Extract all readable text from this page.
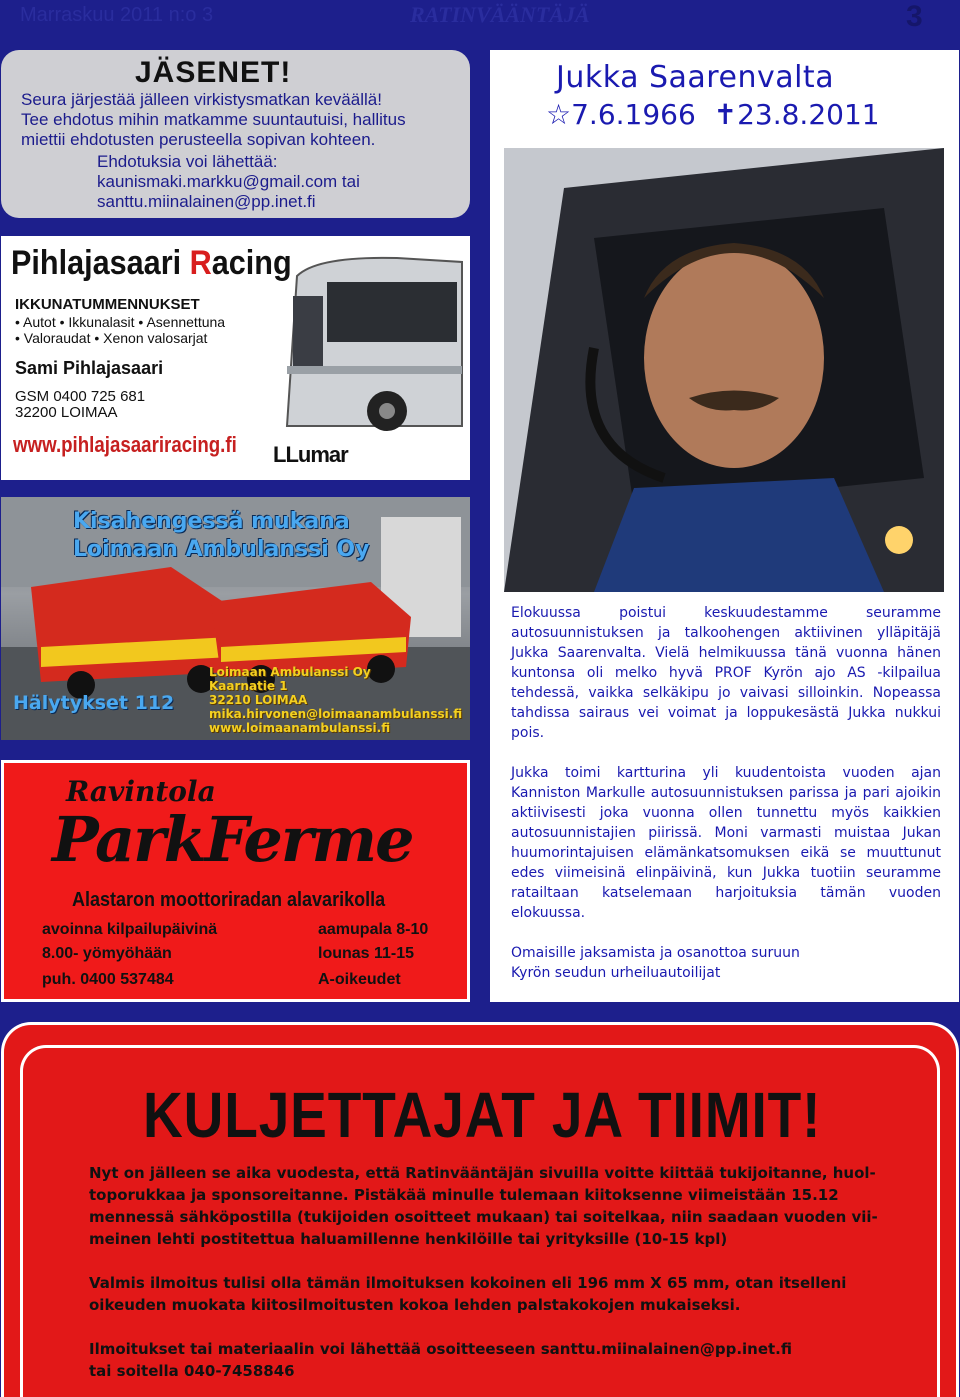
Marraskuu 2011 n:o 3	RATINVÄÄNTÄJÄ	3
JÄSENET!
Seura järjestää jälleen virkistysmatkan keväällä!
Tee ehdotus mihin matkamme suuntautuisi, hallitus
miettii ehdotusten perusteella sopivan kohteen.
Ehdotuksia voi lähettää:
kaunismaki.markku@gmail.com tai
santtu.miinalainen@pp.inet.fi
Jukka Saarenvalta
☆7.6.1966  ✝23.8.2011
Elokuussa poistui keskuudestamme seuramme autosuunnistuksen ja talkoohengen aktiivinen ylläpitäjä Jukka Saarenvalta. Vielä helmikuussa tänä vuonna hänen kuntonsa oli melko hyvä PROF Kyrön ajo AS -kilpailua tehdessä, vaikka selkäkipu jo vaivasi silloinkin. Nopeassa tahdissa sairaus vei voimat ja loppukesästä Jukka nukkui pois.
Jukka toimi kartturina yli kuudentoista vuoden ajan Kanniston Markulle autosuunnistuksen parissa ja pari ajoikin aktiivisesti joka vuonna ollen tunnettu myös kaikkien autosuunnistajien piirissä. Moni varmasti muistaa Jukan huumorintajuisen elämänkatsomuksen eikä se muuttunut edes viimeisinä elinpäivinä, kun Jukka tuotiin seuramme ratailtaan katselemaan harjoituksia tämän vuoden elokuussa.
Omaisille jaksamista ja osanottoa suruun Kyrön seudun urheiluautoilijat
Pihlajasaari Racing
IKKUNATUMMENNUKSET
• Autot • Ikkunalasit • Asennettuna
• Valoraudat • Xenon valosarjat
Sami Pihlajasaari
GSM 0400 725 681
32200 LOIMAA
www.pihlajasaariracing.fi LLumar
Kisahengessä mukana
Loimaan Ambulanssi Oy
Hälytykset 112
Loimaan Ambulanssi Oy
Kaarnatie 1
32210 LOIMAA
mika.hirvonen@loimaanambulanssi.fi
www.loimaanambulanssi.fi
Ravintola
ParkFerme
Alastaron moottoriradan alavarikolla
avoinna kilpailupäivinä
8.00- yömyöhään
puh. 0400 537484
aamupala 8-10
lounas 11-15
A-oikeudet
KULJETTAJAT JA TIIMIT!
Nyt on jälleen se aika vuodesta, että Ratinvääntäjän sivuilla voitte kiittää tukijoitanne, huol-
toporukkaa ja sponsoreitanne. Pistäkää minulle tulemaan kiitoksenne viimeistään 15.12
mennessä sähköpostilla (tukijoiden osoitteet mukaan) tai soitelkaa, niin saadaan vuoden vii-
meinen lehti postitettua haluamillenne henkilöille tai yrityksille (10-15 kpl)
Valmis ilmoitus tulisi olla tämän ilmoituksen kokoinen eli 196 mm X 65 mm, otan itselleni
oikeuden muokata kiitosilmoitusten kokoa lehden palstakokojen mukaiseksi.
Ilmoitukset tai materiaalin voi lähettää osoitteeseen santtu.miinalainen@pp.inet.fi
tai soitella 040-7458846
